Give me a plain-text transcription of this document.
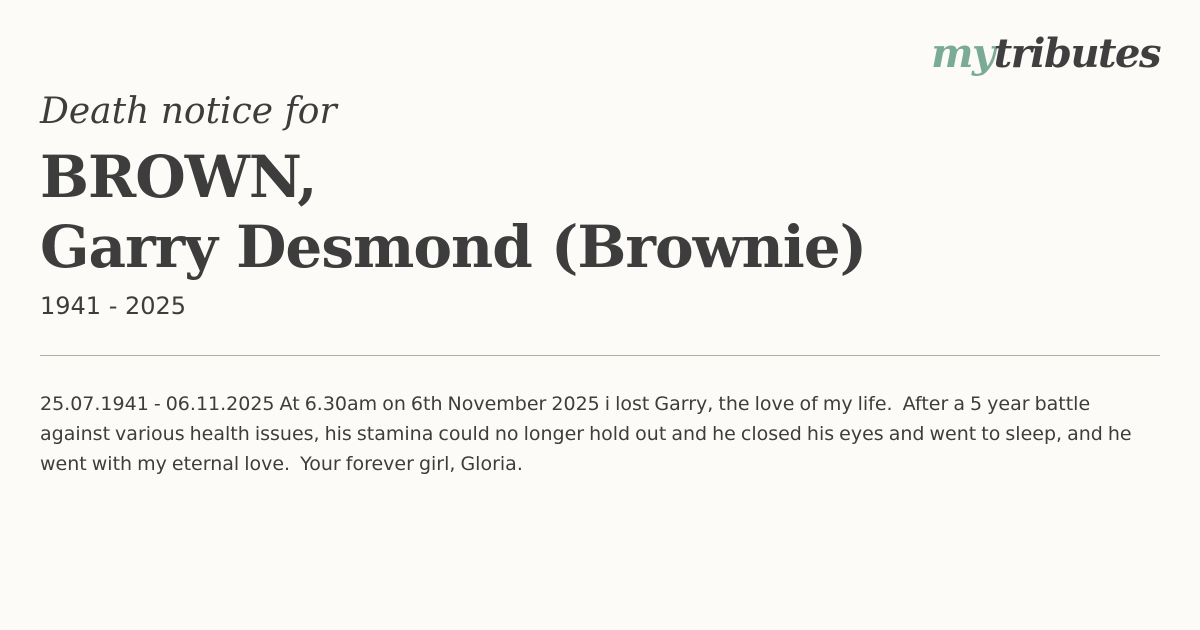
mytributes
Death notice for
BROWN,
Garry Desmond (Brownie)
1941 - 2025
25.07.1941 - 06.11.2025 At 6.30am on 6th November 2025 i lost Garry, the love of my life.  After a 5 year battle against various health issues, his stamina could no longer hold out and he closed his eyes and went to sleep, and he went with my eternal love.  Your forever girl, Gloria.
